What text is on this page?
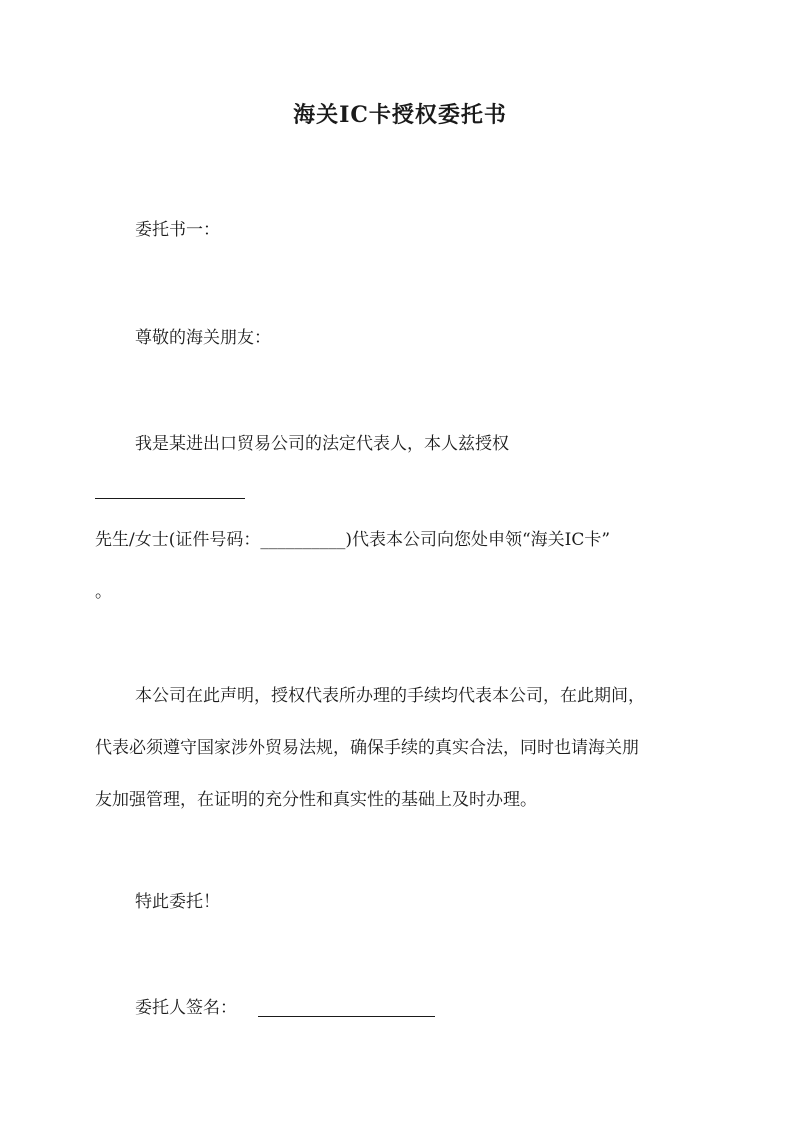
海关IC卡授权委托书
委托书一：
尊敬的海关朋友：
我是某进出口贸易公司的法定代表人，本人兹授权
先生/女士(证件号码：__________)代表本公司向您处申领“海关IC卡”
。
本公司在此声明，授权代表所办理的手续均代表本公司，在此期间，
代表必须遵守国家涉外贸易法规，确保手续的真实合法，同时也请海关朋
友加强管理，在证明的充分性和真实性的基础上及时办理。
特此委托！
委托人签名：
